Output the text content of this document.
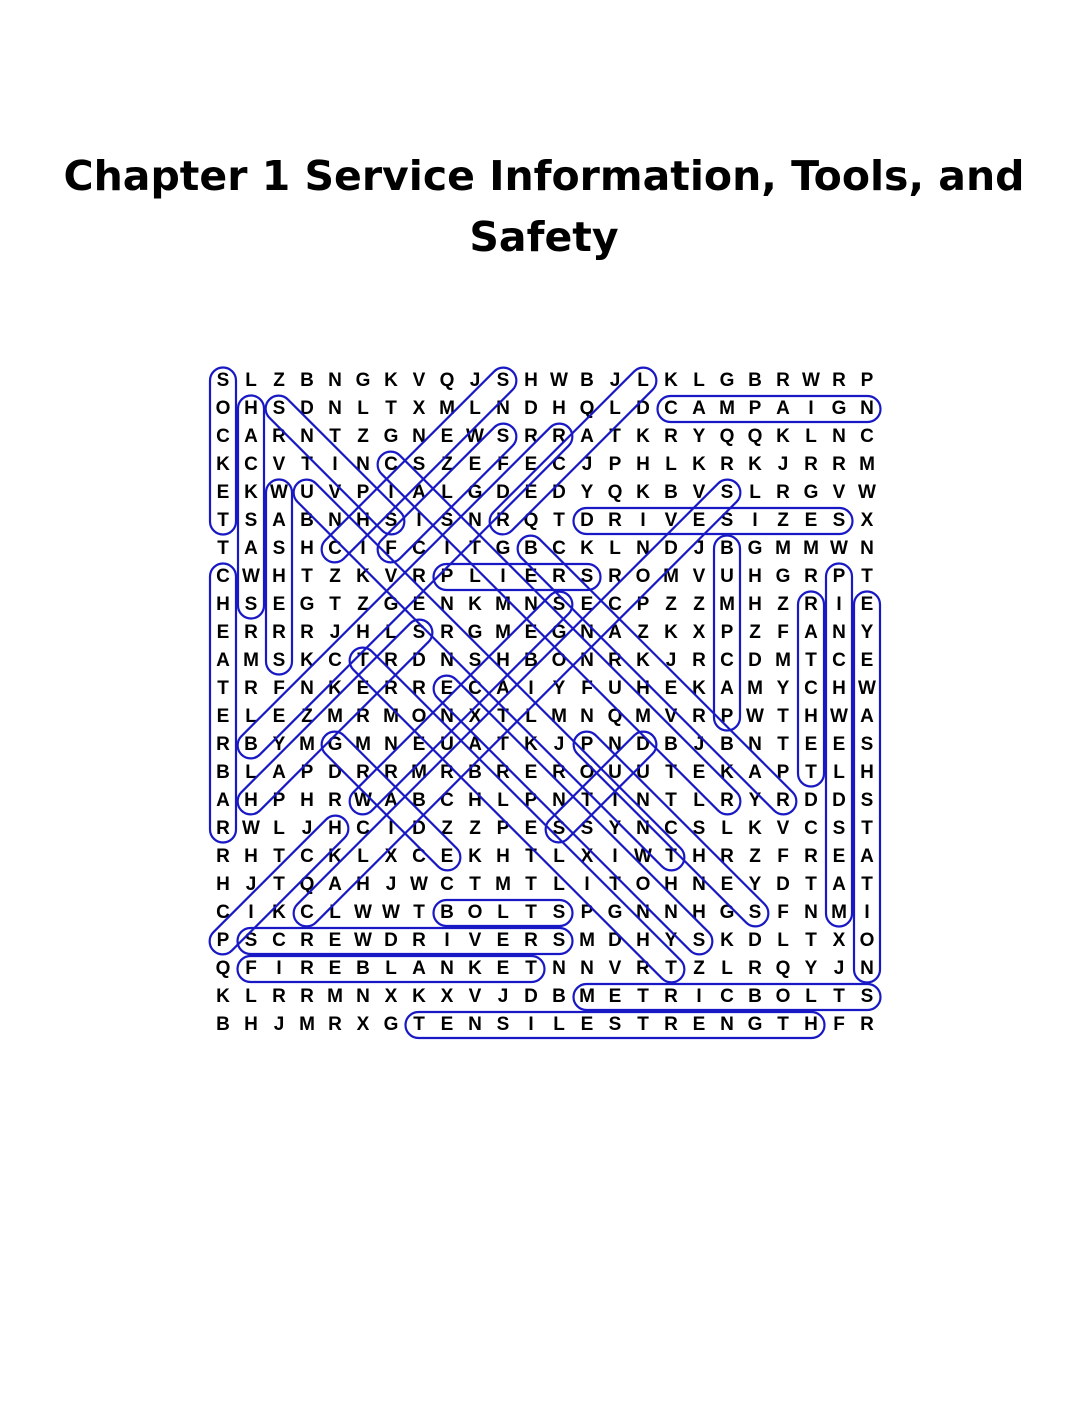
Chapter 1 Service Information, Tools, and
Safety
S L Z B N G K V Q J S H W B J L K L G B R W R P
O H S D N L T X M L N D H Q L D C A M P A I G N
C A R N T Z G N E W S R R A T K R Y Q Q K L N C
K C V T	I N C S Z E F E C J P H L K R K J R R M
E K W U V P	I A L G D E D Y Q K B V S L R G V W
T S A B N H S	I	S N R Q T D R I	V E S	I	Z E S X
T A S H C I	F C I	T G B C K L N D J B G M M W N
C W H T Z K V R P L	I	E R S R O M V U H G R P T
H S E G T Z G E N K M N S E C P Z Z M H Z R I	E
E R R R J H L S R G M E G N A Z K X P Z F A N Y
A M S K C T R D N S H B O N R K J R C D M T C E
T R F N K E R R E C A I	Y F U H E K A M Y C H W
E L E Z M R M O N X T L M N Q M V R P W T H W A
R B Y M G M N E U A T K J P N D B J B N T E E S
B L A P D R R M R B R E R O U U T E K A P T L H
A H P H R W A B C H L P N T	I N T L R Y R D D S
R W L J H C I D Z Z P E S S Y N C S L K V C S T
R H T C K L X C E K H T L X	I W T H R Z F R E A
H J T Q A H J W C T M T L	I	T O H N E Y D T A T
C I K C L W W T B O L T S P G N N H G S F N M I
P S C R E W D R I	V E R S M D H Y S K D L T X O
Q F	I R E B L A N K E T N N V R T Z L R Q Y J N
K L R R M N X K X V J D B M E T R I C B O L T S
B H J M R X G T E N S	I	L E S T R E N G T H F R
